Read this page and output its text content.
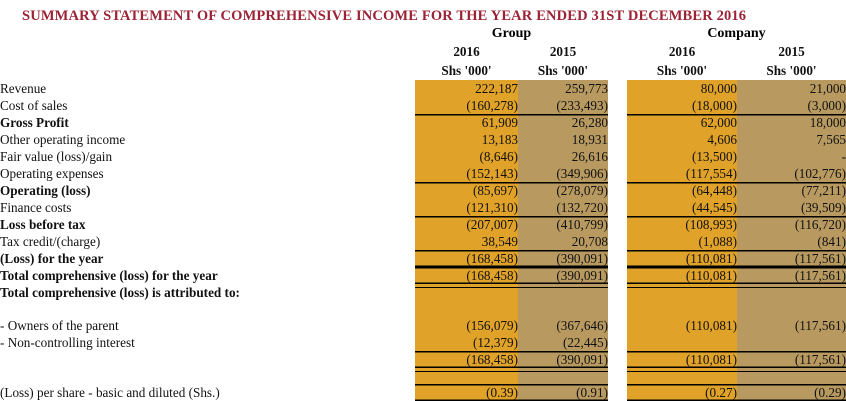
SUMMARY STATEMENT OF COMPREHENSIVE INCOME FOR THE YEAR ENDED 31ST DECEMBER 2016
Group	Company
	2016	2015		2016	2015
	Shs '000'	Shs '000'		Shs '000'	Shs '000'
Revenue	222,187	259,773		80,000	21,000
Cost of sales	(160,278)	(233,493)		(18,000)	(3,000)
Gross Profit	61,909	26,280		62,000	18,000
Other operating income	13,183	18,931		4,606	7,565
Fair value (loss)/gain	(8,646)	26,616		(13,500)	-
Operating expenses	(152,143)	(349,906)		(117,554)	(102,776)
Operating (loss)	(85,697)	(278,079)		(64,448)	(77,211)
Finance costs	(121,310)	(132,720)		(44,545)	(39,509)
Loss before tax	(207,007)	(410,799)		(108,993)	(116,720)
Tax credit/(charge)	38,549	20,708		(1,088)	(841)
(Loss) for the year	(168,458)	(390,091)		(110,081)	(117,561)
Total comprehensive (loss) for the year	(168,458)	(390,091)		(110,081)	(117,561)
Total comprehensive (loss) is attributed to:					

- Owners of the parent	(156,079)	(367,646)		(110,081)	(117,561)
- Non-controlling interest	(12,379)	(22,445)			
	(168,458)	(390,091)		(110,081)	(117,561)

(Loss) per share - basic and diluted (Shs.)	(0.39)	(0.91)		(0.27)	(0.29)
